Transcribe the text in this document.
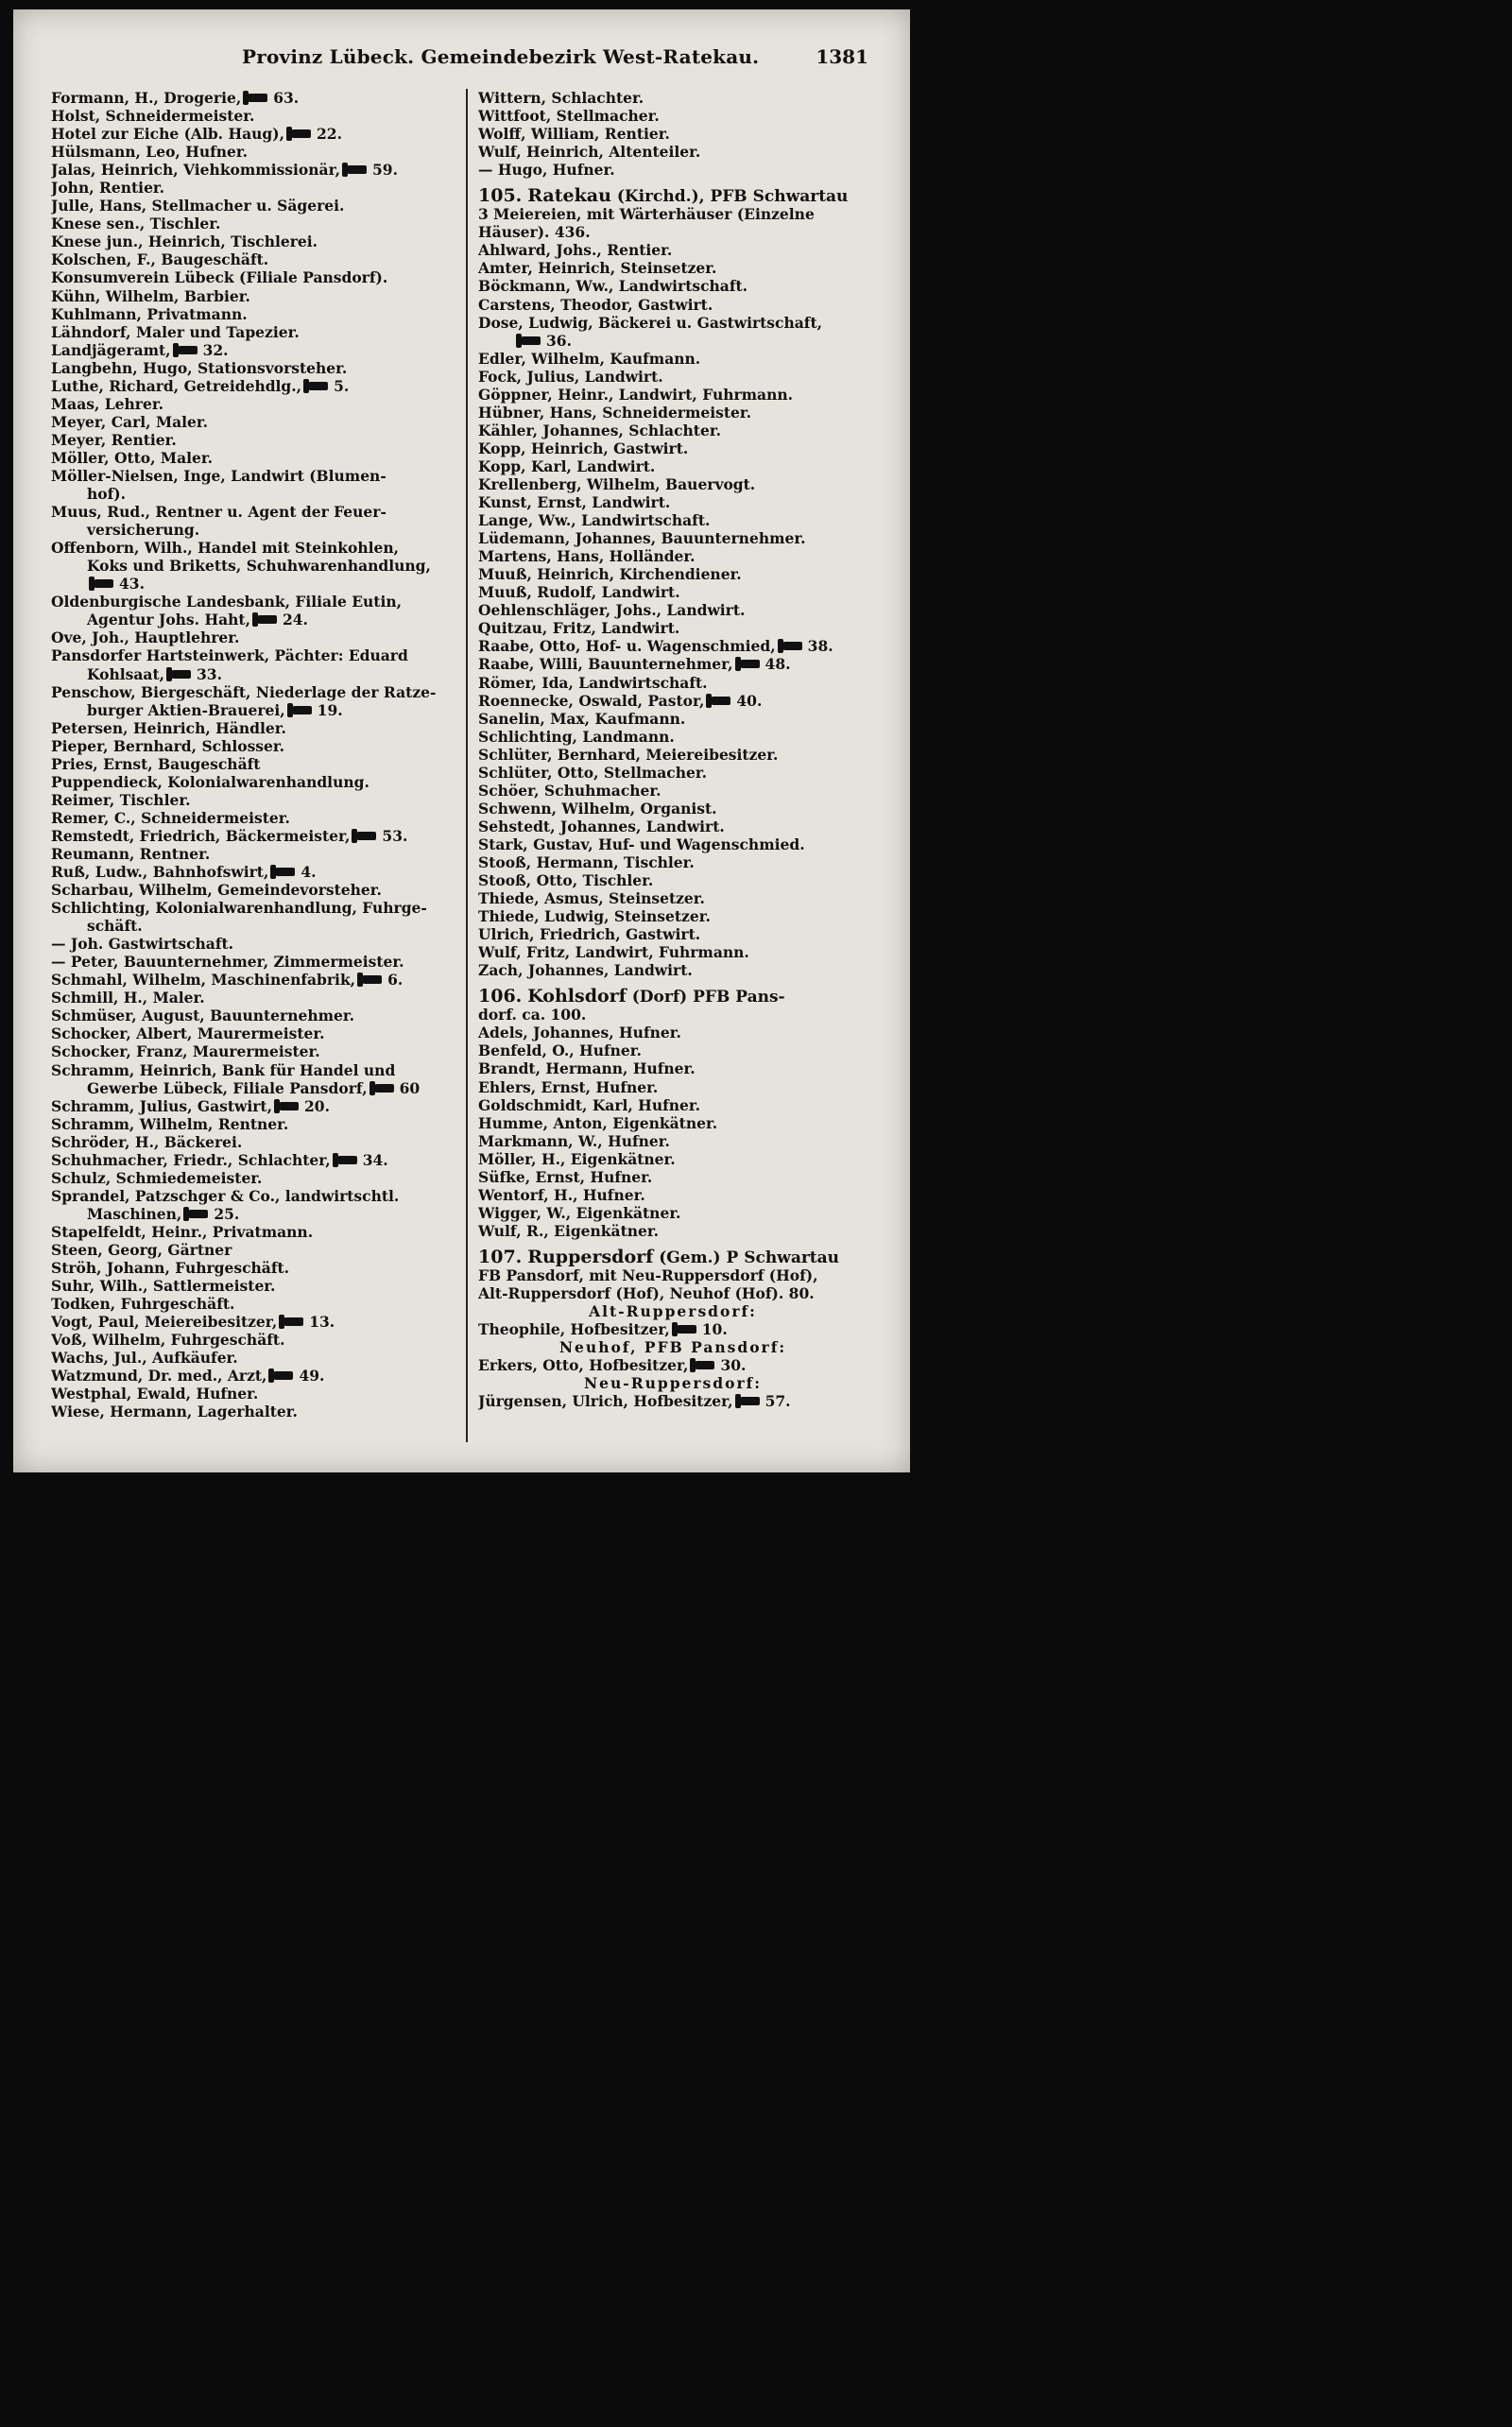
Provinz Lübeck. Gemeindebezirk West-Ratekau.	1381
Formann, H., Drogerie, 63.
Holst, Schneidermeister.
Hotel zur Eiche (Alb. Haug), 22.
Hülsmann, Leo, Hufner.
Jalas, Heinrich, Viehkommissionär, 59.
John, Rentier.
Julle, Hans, Stellmacher u. Sägerei.
Knese sen., Tischler.
Knese jun., Heinrich, Tischlerei.
Kolschen, F., Baugeschäft.
Konsumverein Lübeck (Filiale Pansdorf).
Kühn, Wilhelm, Barbier.
Kuhlmann, Privatmann.
Lähndorf, Maler und Tapezier.
Landjägeramt, 32.
Langbehn, Hugo, Stationsvorsteher.
Luthe, Richard, Getreidehdlg., 5.
Maas, Lehrer.
Meyer, Carl, Maler.
Meyer, Rentier.
Möller, Otto, Maler.
Möller-Nielsen, Inge, Landwirt (Blumen-
hof).
Muus, Rud., Rentner u. Agent der Feuer-
versicherung.
Offenborn, Wilh., Handel mit Steinkohlen,
Koks und Briketts, Schuhwarenhandlung,
43.
Oldenburgische Landesbank, Filiale Eutin,
Agentur Johs. Haht, 24.
Ove, Joh., Hauptlehrer.
Pansdorfer Hartsteinwerk, Pächter: Eduard
Kohlsaat, 33.
Penschow, Biergeschäft, Niederlage der Ratze-
burger Aktien-Brauerei, 19.
Petersen, Heinrich, Händler.
Pieper, Bernhard, Schlosser.
Pries, Ernst, Baugeschäft
Puppendieck, Kolonialwarenhandlung.
Reimer, Tischler.
Remer, C., Schneidermeister.
Remstedt, Friedrich, Bäckermeister, 53.
Reumann, Rentner.
Ruß, Ludw., Bahnhofswirt, 4.
Scharbau, Wilhelm, Gemeindevorsteher.
Schlichting, Kolonialwarenhandlung, Fuhrge-
schäft.
— Joh. Gastwirtschaft.
— Peter, Bauunternehmer, Zimmermeister.
Schmahl, Wilhelm, Maschinenfabrik, 6.
Schmill, H., Maler.
Schmüser, August, Bauunternehmer.
Schocker, Albert, Maurermeister.
Schocker, Franz, Maurermeister.
Schramm, Heinrich, Bank für Handel und
Gewerbe Lübeck, Filiale Pansdorf, 60
Schramm, Julius, Gastwirt, 20.
Schramm, Wilhelm, Rentner.
Schröder, H., Bäckerei.
Schuhmacher, Friedr., Schlachter, 34.
Schulz, Schmiedemeister.
Sprandel, Patzschger & Co., landwirtschtl.
Maschinen, 25.
Stapelfeldt, Heinr., Privatmann.
Steen, Georg, Gärtner
Ströh, Johann, Fuhrgeschäft.
Suhr, Wilh., Sattlermeister.
Todken, Fuhrgeschäft.
Vogt, Paul, Meiereibesitzer, 13.
Voß, Wilhelm, Fuhrgeschäft.
Wachs, Jul., Aufkäufer.
Watzmund, Dr. med., Arzt, 49.
Westphal, Ewald, Hufner.
Wiese, Hermann, Lagerhalter.
Wittern, Schlachter.
Wittfoot, Stellmacher.
Wolff, William, Rentier.
Wulf, Heinrich, Altenteiler.
— Hugo, Hufner.
105. Ratekau (Kirchd.), PFB Schwartau
3 Meiereien, mit Wärterhäuser (Einzelne
Häuser). 436.
Ahlward, Johs., Rentier.
Amter, Heinrich, Steinsetzer.
Böckmann, Ww., Landwirtschaft.
Carstens, Theodor, Gastwirt.
Dose, Ludwig, Bäckerei u. Gastwirtschaft,
36.
Edler, Wilhelm, Kaufmann.
Fock, Julius, Landwirt.
Göppner, Heinr., Landwirt, Fuhrmann.
Hübner, Hans, Schneidermeister.
Kähler, Johannes, Schlachter.
Kopp, Heinrich, Gastwirt.
Kopp, Karl, Landwirt.
Krellenberg, Wilhelm, Bauervogt.
Kunst, Ernst, Landwirt.
Lange, Ww., Landwirtschaft.
Lüdemann, Johannes, Bauunternehmer.
Martens, Hans, Holländer.
Muuß, Heinrich, Kirchendiener.
Muuß, Rudolf, Landwirt.
Oehlenschläger, Johs., Landwirt.
Quitzau, Fritz, Landwirt.
Raabe, Otto, Hof- u. Wagenschmied, 38.
Raabe, Willi, Bauunternehmer, 48.
Römer, Ida, Landwirtschaft.
Roennecke, Oswald, Pastor, 40.
Sanelin, Max, Kaufmann.
Schlichting, Landmann.
Schlüter, Bernhard, Meiereibesitzer.
Schlüter, Otto, Stellmacher.
Schöer, Schuhmacher.
Schwenn, Wilhelm, Organist.
Sehstedt, Johannes, Landwirt.
Stark, Gustav, Huf- und Wagenschmied.
Stooß, Hermann, Tischler.
Stooß, Otto, Tischler.
Thiede, Asmus, Steinsetzer.
Thiede, Ludwig, Steinsetzer.
Ulrich, Friedrich, Gastwirt.
Wulf, Fritz, Landwirt, Fuhrmann.
Zach, Johannes, Landwirt.
106. Kohlsdorf (Dorf) PFB Pans-
dorf. ca. 100.
Adels, Johannes, Hufner.
Benfeld, O., Hufner.
Brandt, Hermann, Hufner.
Ehlers, Ernst, Hufner.
Goldschmidt, Karl, Hufner.
Humme, Anton, Eigenkätner.
Markmann, W., Hufner.
Möller, H., Eigenkätner.
Süfke, Ernst, Hufner.
Wentorf, H., Hufner.
Wigger, W., Eigenkätner.
Wulf, R., Eigenkätner.
107. Ruppersdorf (Gem.) P Schwartau
FB Pansdorf, mit Neu-Ruppersdorf (Hof),
Alt-Ruppersdorf (Hof), Neuhof (Hof). 80.
Alt-Ruppersdorf:
Theophile, Hofbesitzer, 10.
Neuhof, PFB Pansdorf:
Erkers, Otto, Hofbesitzer, 30.
Neu-Ruppersdorf:
Jürgensen, Ulrich, Hofbesitzer, 57.
